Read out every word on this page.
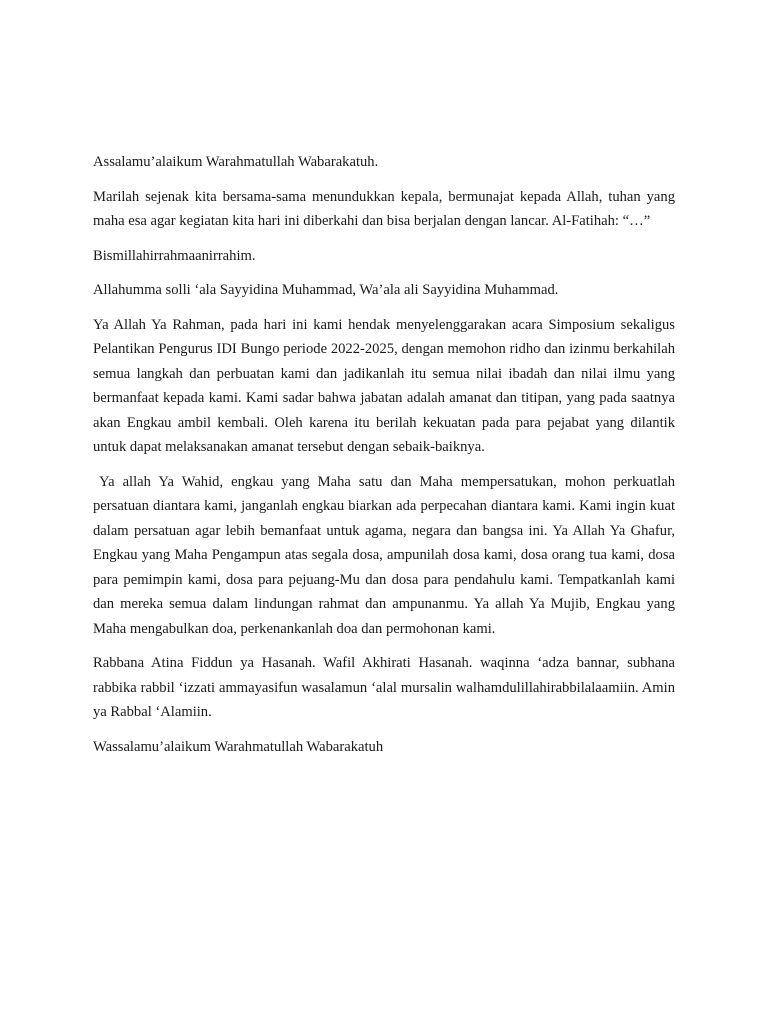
Assalamu’alaikum Warahmatullah Wabarakatuh.

Marilah sejenak kita bersama-sama menundukkan kepala, bermunajat kepada Allah, tuhan yang maha esa agar kegiatan kita hari ini diberkahi dan bisa berjalan dengan lancar. Al-Fatihah: “…”

Bismillahirrahmaanirrahim.

Allahumma solli ‘ala Sayyidina Muhammad, Wa’ala ali Sayyidina Muhammad.

Ya Allah Ya Rahman, pada hari ini kami hendak menyelenggarakan acara Simposium sekaligus Pelantikan Pengurus IDI Bungo periode 2022-2025, dengan memohon ridho dan izinmu berkahilah semua langkah dan perbuatan kami dan jadikanlah itu semua nilai ibadah dan nilai ilmu yang bermanfaat kepada kami. Kami sadar bahwa jabatan adalah amanat dan titipan, yang pada saatnya akan Engkau ambil kembali. Oleh karena itu berilah kekuatan pada para pejabat yang dilantik untuk dapat melaksanakan amanat tersebut dengan sebaik-baiknya.

Ya allah Ya Wahid, engkau yang Maha satu dan Maha mempersatukan, mohon perkuatlah persatuan diantara kami, janganlah engkau biarkan ada perpecahan diantara kami. Kami ingin kuat dalam persatuan agar lebih bemanfaat untuk agama, negara dan bangsa ini. Ya Allah Ya Ghafur, Engkau yang Maha Pengampun atas segala dosa, ampunilah dosa kami, dosa orang tua kami, dosa para pemimpin kami, dosa para pejuang-Mu dan dosa para pendahulu kami. Tempatkanlah kami dan mereka semua dalam lindungan rahmat dan ampunanmu. Ya allah Ya Mujib, Engkau yang Maha mengabulkan doa, perkenankanlah doa dan permohonan kami.

Rabbana Atina Fiddun ya Hasanah. Wafil Akhirati Hasanah. waqinna ‘adza bannar, subhana rabbika rabbil ‘izzati ammayasifun wasalamun ‘alal mursalin walhamdulillahirabbilalaamiin. Amin ya Rabbal ‘Alamiin.

Wassalamu’alaikum Warahmatullah Wabarakatuh
